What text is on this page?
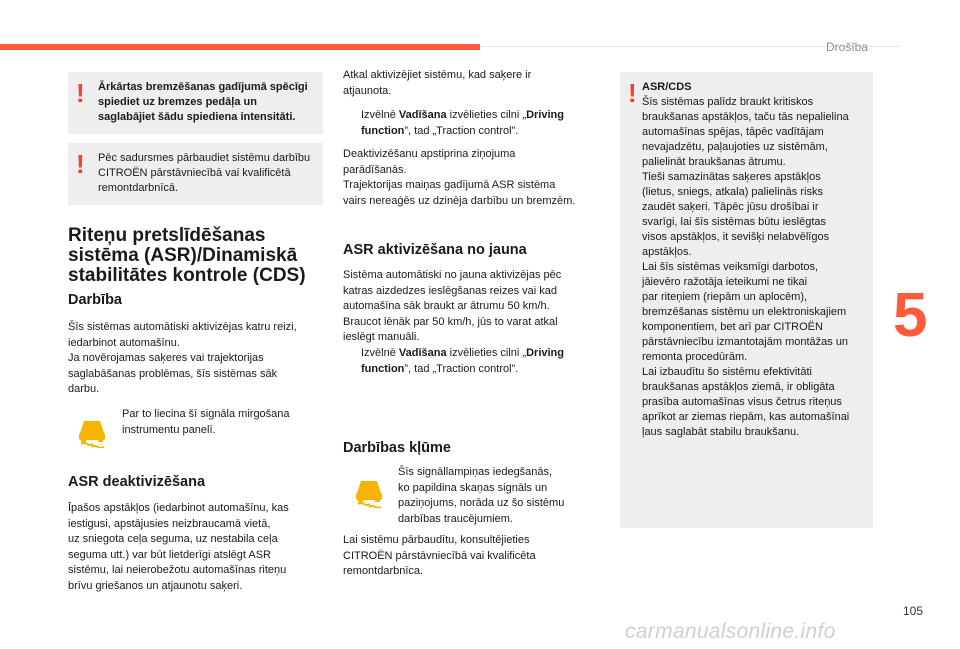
Drošība
5
! Ārkārtas bremzēšanas gadījumā spēcīgi spiediet uz bremzes pedāļa un saglabājiet šādu spiediena intensitāti.
! Pēc sadursmes pārbaudiet sistēmu darbību CITROËN pārstāvniecībā vai kvalificētā remontdarbnīcā.
Riteņu pretslīdēšanas
sistēma (ASR)/Dinamiskā
stabilitātes kontrole (CDS)
Darbība
Šīs sistēmas automātiski aktivizējas katru reizi,
iedarbinot automašīnu.
Ja novērojamas saķeres vai trajektorijas
saglabāšanas problēmas, šīs sistēmas sāk
darbu.
Par to liecina šī signāla mirgošana
instrumentu panelī.
ASR deaktivizēšana
Īpašos apstākļos (iedarbinot automašīnu, kas
iestigusi, apstājusies neizbraucamā vietā,
uz sniegota ceļa seguma, uz nestabila ceļa
seguma utt.) var būt lietderīgi atslēgt ASR
sistēmu, lai neierobežotu automašīnas riteņu
brīvu griešanos un atjaunotu saķeri.
Atkal aktivizējiet sistēmu, kad saķere ir
atjaunota.
Izvēlnē Vadīšana izvēlieties cilni „Driving
function”, tad „Traction control”.
Deaktivizēšanu apstiprina ziņojuma
parādīšanās.
Trajektorijas maiņas gadījumā ASR sistēma
vairs nereaģēs uz dzinēja darbību un bremzēm.
ASR aktivizēšana no jauna
Sistēma automātiski no jauna aktivizējas pēc
katras aizdedzes ieslēgšanas reizes vai kad
automašīna sāk braukt ar ātrumu 50 km/h.
Braucot lēnāk par 50 km/h, jūs to varat atkal
ieslēgt manuāli.
Izvēlnē Vadīšana izvēlieties cilni „Driving
function”, tad „Traction control”.
Darbības kļūme
Šīs signāllampiņas iedegšanās,
ko papildina skaņas signāls un
paziņojums, norāda uz šo sistēmu
darbības traucējumiem.
Lai sistēmu pārbaudītu, konsultējieties
CITROËN pārstāvniecībā vai kvalificēta
remontdarbnīca.
! ASR/CDS
Šīs sistēmas palīdz braukt kritiskos
braukšanas apstākļos, taču tās nepalielina
automašīnas spējas, tāpēc vadītājam
nevajadzētu, paļaujoties uz sistēmām,
palielināt braukšanas ātrumu.
Tieši samazinātas saķeres apstākļos
(lietus, sniegs, atkala) palielinās risks
zaudēt saķeri. Tāpēc jūsu drošībai ir
svarīgi, lai šīs sistēmas būtu ieslēgtas
visos apstākļos, it sevišķi nelabvēlīgos
apstākļos.
Lai šīs sistēmas veiksmīgi darbotos,
jāievēro ražotāja ieteikumi ne tikai
par riteņiem (riepām un aplocēm),
bremzēšanas sistēmu un elektroniskajiem
komponentiem, bet arī par CITROËN
pārstāvniecību izmantotajām montāžas un
remonta procedūrām.
Lai izbaudītu šo sistēmu efektivitāti
braukšanas apstākļos ziemā, ir obligāta
prasība automašīnas visus četrus riteņus
aprīkot ar ziemas riepām, kas automašīnai
ļaus saglabāt stabilu braukšanu.
105
carmanualsonline.info
